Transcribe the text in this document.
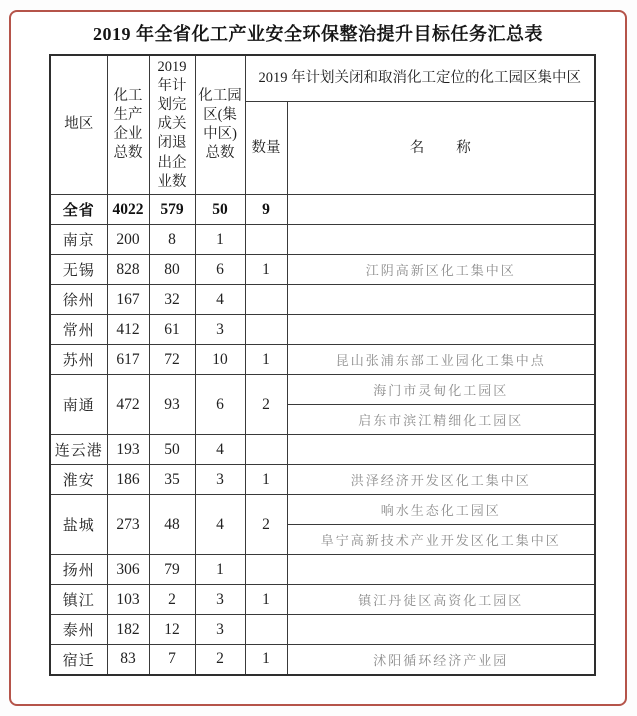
2019 年全省化工产业安全环保整治提升目标任务汇总表
地区	化工生产企业总数	2019年计划完成关闭退出企业数	化工园区(集中区)总数	2019 年计划关闭和取消化工定位的化工园区集中区	
				数量	名　　称
全省	4022	579	50	9	
南京	200	8	1		
无锡	828	80	6	1	江阴高新区化工集中区
徐州	167	32	4		
常州	412	61	3		
苏州	617	72	10	1	昆山张浦东部工业园化工集中点
南通	472	93	6	2	海门市灵甸化工园区
					启东市滨江精细化工园区
连云港	193	50	4		
淮安	186	35	3	1	洪泽经济开发区化工集中区
盐城	273	48	4	2	响水生态化工园区
					阜宁高新技术产业开发区化工集中区
扬州	306	79	1		
镇江	103	2	3	1	镇江丹徒区高资化工园区
泰州	182	12	3		
宿迁	83	7	2	1	沭阳循环经济产业园
